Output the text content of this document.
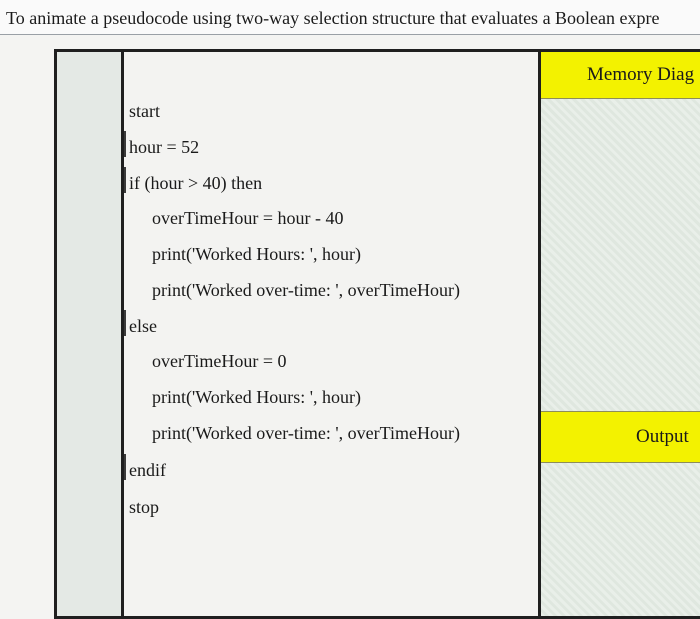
To animate a pseudocode using two-way selection structure that evaluates a Boolean expre
start
hour = 52
if (hour > 40) then
overTimeHour = hour - 40
print('Worked Hours: ', hour)
print('Worked over-time: ', overTimeHour)
else
overTimeHour = 0
print('Worked Hours: ', hour)
print('Worked over-time: ', overTimeHour)
endif
stop
Memory Diag
Output
